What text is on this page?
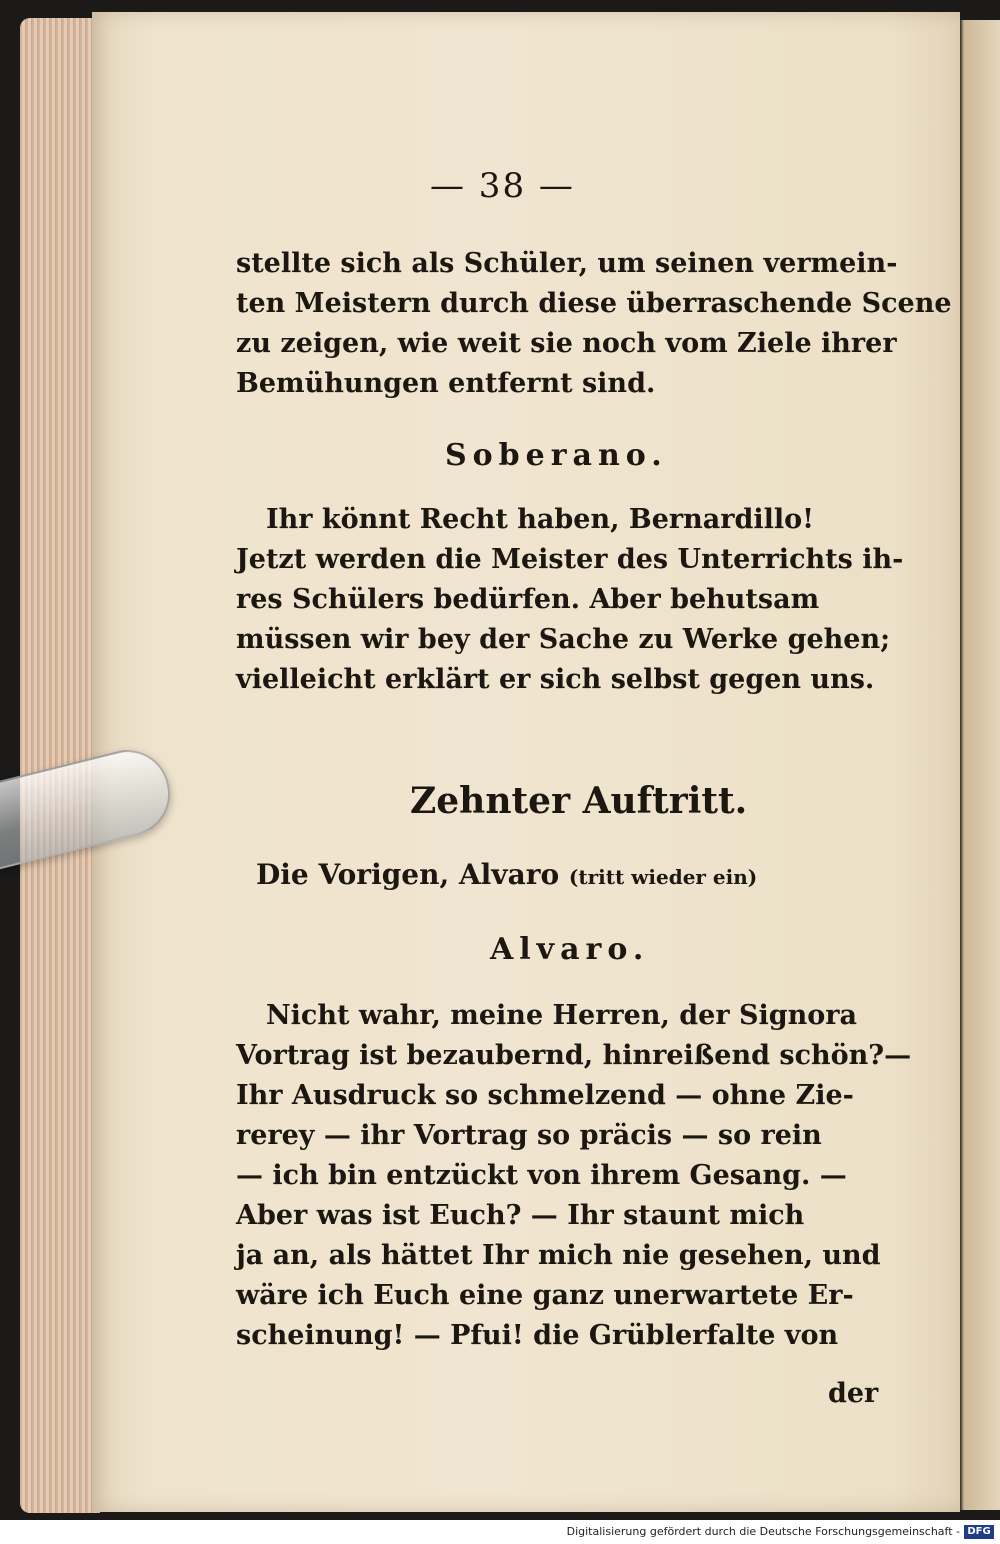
— 38 —
stellte sich als Schüler, um seinen vermein-
ten Meistern durch diese überraschende Scene
zu zeigen, wie weit sie noch vom Ziele ihrer
Bemühungen entfernt sind.
Soberano.
Ihr könnt Recht haben, Bernardillo!
Jetzt werden die Meister des Unterrichts ih-
res Schülers bedürfen. Aber behutsam
müssen wir bey der Sache zu Werke gehen;
vielleicht erklärt er sich selbst gegen uns.
Zehnter Auftritt.
Die Vorigen, Alvaro (tritt wieder ein)
Alvaro.
Nicht wahr, meine Herren, der Signora
Vortrag ist bezaubernd, hinreißend schön?—
Ihr Ausdruck so schmelzend — ohne Zie-
rerey — ihr Vortrag so präcis — so rein
— ich bin entzückt von ihrem Gesang. —
Aber was ist Euch? — Ihr staunt mich
ja an, als hättet Ihr mich nie gesehen, und
wäre ich Euch eine ganz unerwartete Er-
scheinung! — Pfui! die Grüblerfalte von
der
Digitalisierung gefördert durch die Deutsche Forschungsgemeinschaft - DFG
